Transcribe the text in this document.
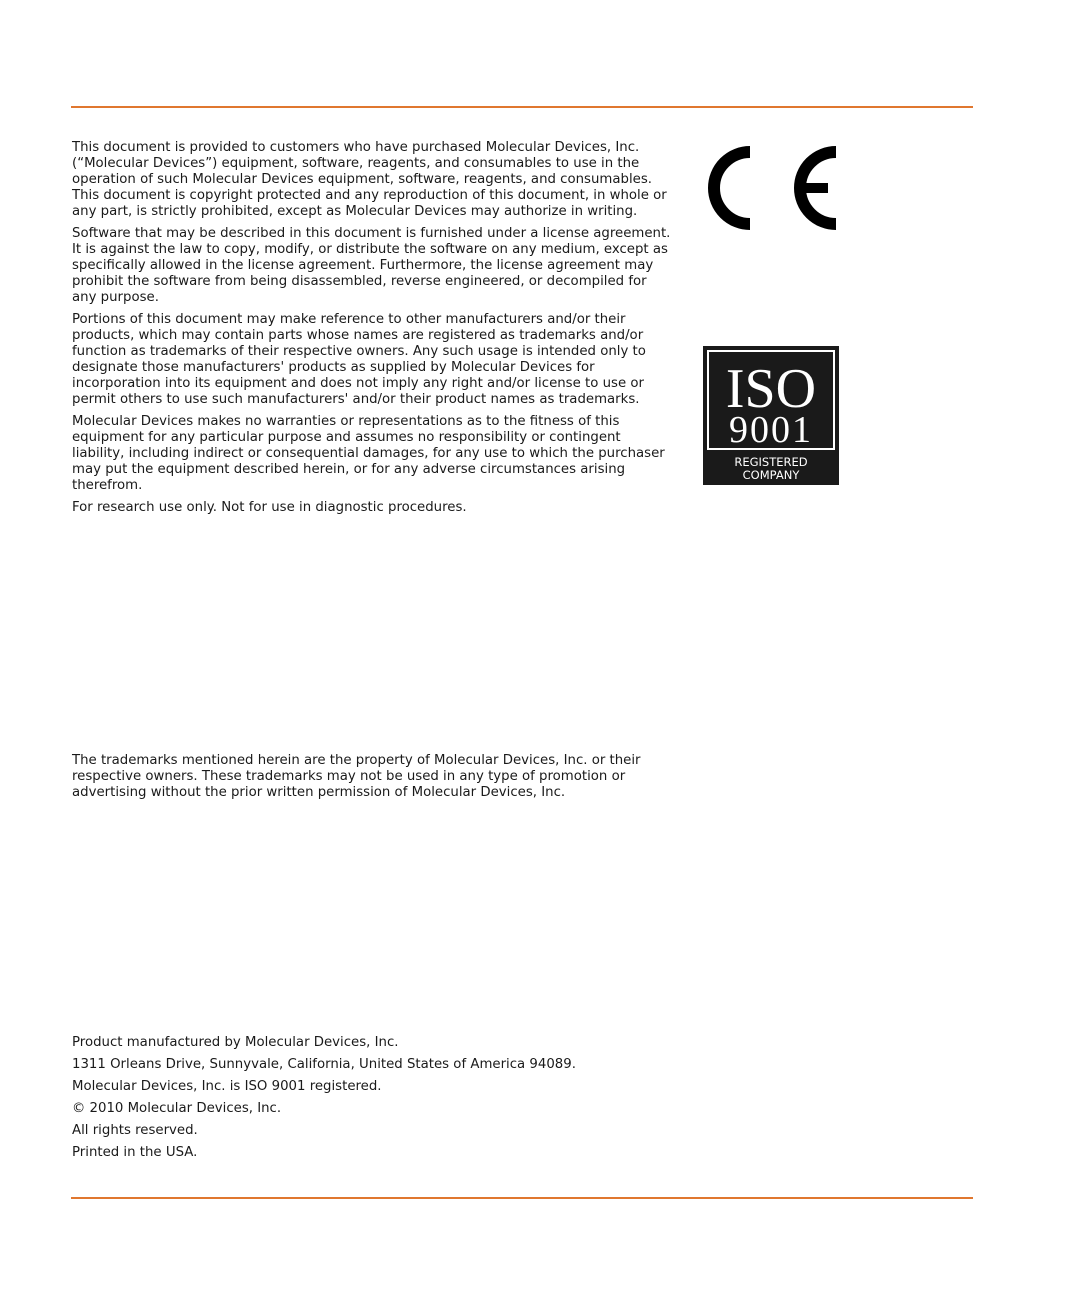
This document is provided to customers who have purchased Molecular Devices, Inc. (“Molecular Devices”) equipment, software, reagents, and consumables to use in the operation of such Molecular Devices equipment, software, reagents, and consumables. This document is copyright protected and any reproduction of this document, in whole or any part, is strictly prohibited, except as Molecular Devices may authorize in writing.

Software that may be described in this document is furnished under a license agreement. It is against the law to copy, modify, or distribute the software on any medium, except as specifically allowed in the license agreement. Furthermore, the license agreement may prohibit the software from being disassembled, reverse engineered, or decompiled for any purpose.

Portions of this document may make reference to other manufacturers and/or their products, which may contain parts whose names are registered as trademarks and/or function as trademarks of their respective owners. Any such usage is intended only to designate those manufacturers' products as supplied by Molecular Devices for incorporation into its equipment and does not imply any right and/or license to use or permit others to use such manufacturers' and/or their product names as trademarks.

Molecular Devices makes no warranties or representations as to the fitness of this equipment for any particular purpose and assumes no responsibility or contingent liability, including indirect or consequential damages, for any use to which the purchaser may put the equipment described herein, or for any adverse circumstances arising therefrom.

For research use only. Not for use in diagnostic procedures.

ISO
9001
REGISTERED
COMPANY

The trademarks mentioned herein are the property of Molecular Devices, Inc. or their respective owners. These trademarks may not be used in any type of promotion or advertising without the prior written permission of Molecular Devices, Inc.

Product manufactured by Molecular Devices, Inc.

1311 Orleans Drive, Sunnyvale, California, United States of America 94089.

Molecular Devices, Inc. is ISO 9001 registered.

© 2010 Molecular Devices, Inc.

All rights reserved.

Printed in the USA.
